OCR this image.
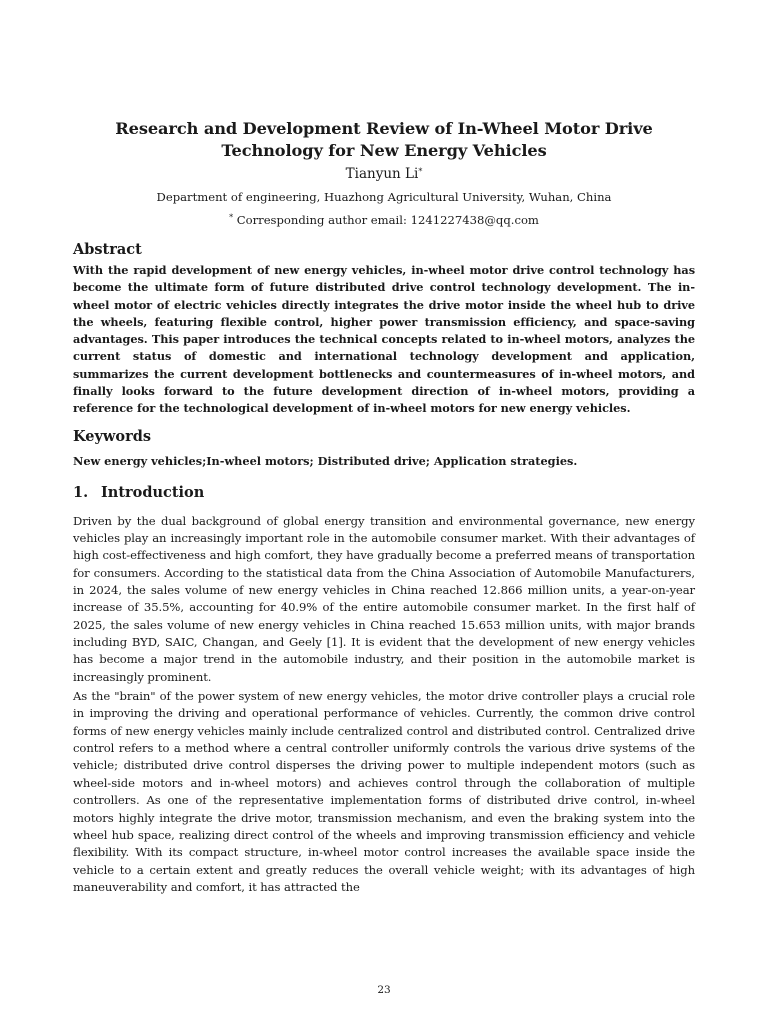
Research and Development Review of In-Wheel Motor Drive Technology for New Energy Vehicles
Tianyun Li*
Department of engineering, Huazhong Agricultural University, Wuhan, China
* Corresponding author email: 1241227438@qq.com
Abstract
With the rapid development of new energy vehicles, in-wheel motor drive control technology has become the ultimate form of future distributed drive control technology development. The in-wheel motor of electric vehicles directly integrates the drive motor inside the wheel hub to drive the wheels, featuring flexible control, higher power transmission efficiency, and space-saving advantages. This paper introduces the technical concepts related to in-wheel motors, analyzes the current status of domestic and international technology development and application, summarizes the current development bottlenecks and countermeasures of in-wheel motors, and finally looks forward to the future development direction of in-wheel motors, providing a reference for the technological development of in-wheel motors for new energy vehicles.
Keywords
New energy vehicles;In-wheel motors; Distributed drive; Application strategies.
1. Introduction
Driven by the dual background of global energy transition and environmental governance, new energy vehicles play an increasingly important role in the automobile consumer market. With their advantages of high cost-effectiveness and high comfort, they have gradually become a preferred means of transportation for consumers. According to the statistical data from the China Association of Automobile Manufacturers, in 2024, the sales volume of new energy vehicles in China reached 12.866 million units, a year-on-year increase of 35.5%, accounting for 40.9% of the entire automobile consumer market. In the first half of 2025, the sales volume of new energy vehicles in China reached 15.653 million units, with major brands including BYD, SAIC, Changan, and Geely [1]. It is evident that the development of new energy vehicles has become a major trend in the automobile industry, and their position in the automobile market is increasingly prominent.
As the "brain" of the power system of new energy vehicles, the motor drive controller plays a crucial role in improving the driving and operational performance of vehicles. Currently, the common drive control forms of new energy vehicles mainly include centralized control and distributed control. Centralized drive control refers to a method where a central controller uniformly controls the various drive systems of the vehicle; distributed drive control disperses the driving power to multiple independent motors (such as wheel-side motors and in-wheel motors) and achieves control through the collaboration of multiple controllers. As one of the representative implementation forms of distributed drive control, in-wheel motors highly integrate the drive motor, transmission mechanism, and even the braking system into the wheel hub space, realizing direct control of the wheels and improving transmission efficiency and vehicle flexibility. With its compact structure, in-wheel motor control increases the available space inside the vehicle to a certain extent and greatly reduces the overall vehicle weight; with its advantages of high maneuverability and comfort, it has attracted the
23
